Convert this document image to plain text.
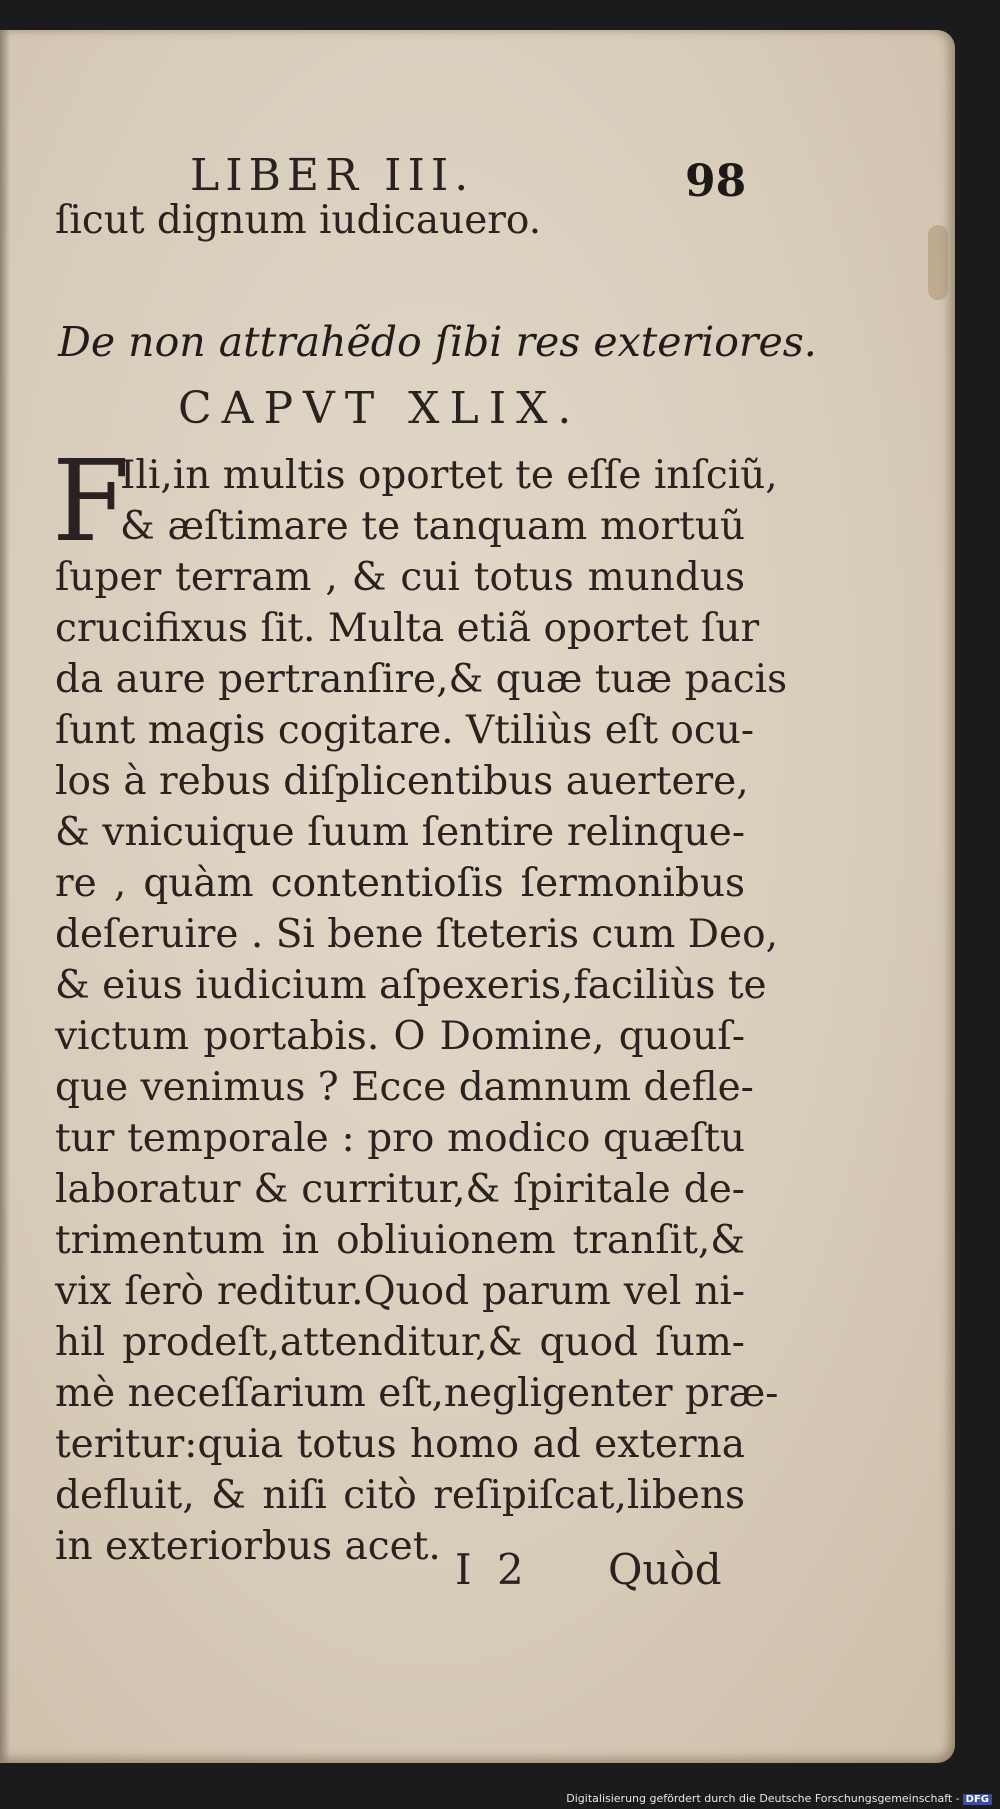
LIBER III.	98
ſicut dignum iudicauero.
De non attrahẽdo ſibi res exteriores.
CAPVT XLIX.
F
Ili,in multis oportet te eſſe inſciũ,
& æſtimare te tanquam mortuũ
ſuper terram , & cui totus mundus
crucifixus ſit. Multa etiã oportet ſur
da aure pertranſire,& quæ tuæ pacis
ſunt magis cogitare. Vtiliùs eſt ocu-
los à rebus diſplicentibus auertere,
& vnicuique ſuum ſentire relinque-
re , quàm contentioſis ſermonibus
deſeruire . Si bene ſteteris cum Deo,
& eius iudicium aſpexeris,faciliùs te
victum portabis. O Domine, quouſ-
que venimus ? Ecce damnum defle-
tur temporale : pro modico quæſtu
laboratur & curritur,& ſpiritale de-
trimentum in obliuionem tranſit,&
vix ſerò reditur.Quod parum vel ni-
hil prodeſt,attenditur,& quod ſum-
mè neceſſarium eſt,negligenter præ-
teritur:quia totus homo ad externa
defluit, & niſi citò reſipiſcat,libens
in exteriorbus acet. I 2 Quòd
Digitalisierung gefördert durch die Deutsche Forschungsgemeinschaft - DFG
